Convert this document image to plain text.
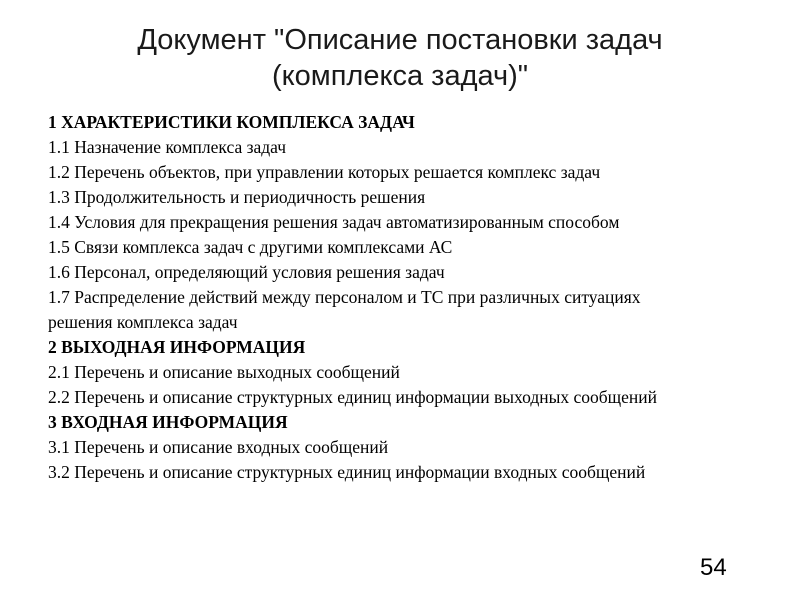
Документ "Описание постановки задач
(комплекса задач)"
1 ХАРАКТЕРИСТИКИ КОМПЛЕКСА ЗАДАЧ
1.1 Назначение комплекса задач
1.2 Перечень объектов, при управлении которых решается комплекс задач
1.3 Продолжительность и периодичность решения
1.4 Условия для прекращения решения задач автоматизированным способом
1.5 Связи комплекса задач с другими комплексами АС
1.6 Персонал, определяющий условия решения задач
1.7 Распределение действий между персоналом и ТС при различных ситуациях
решения комплекса задач
2 ВЫХОДНАЯ ИНФОРМАЦИЯ
2.1 Перечень и описание выходных сообщений
2.2 Перечень и описание структурных единиц информации выходных сообщений
3 ВХОДНАЯ ИНФОРМАЦИЯ
3.1 Перечень и описание входных сообщений
3.2 Перечень и описание структурных единиц информации входных сообщений
54
